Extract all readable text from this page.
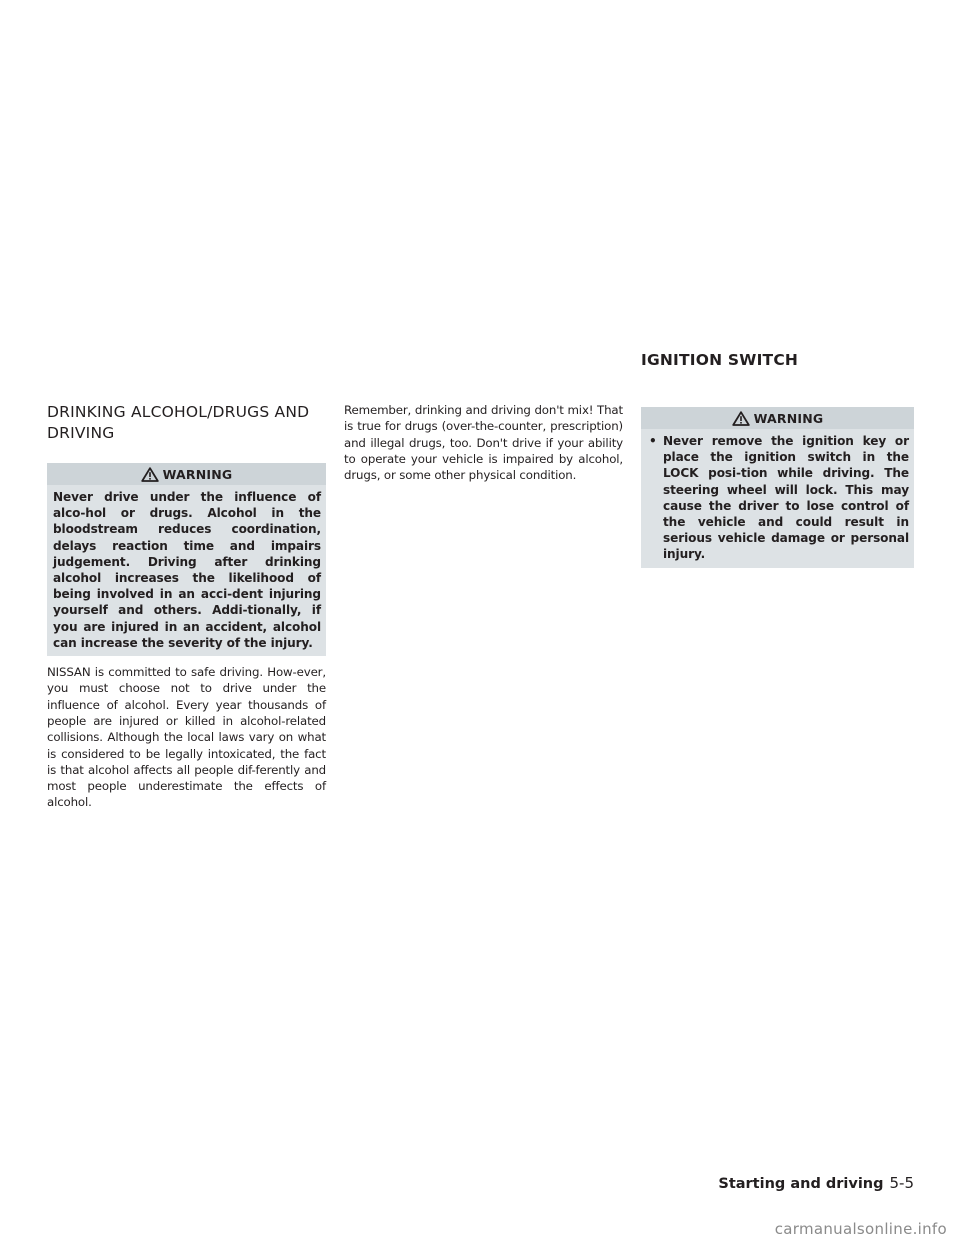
IGNITION SWITCH
DRINKING ALCOHOL/DRUGS AND DRIVING
WARNING

Never drive under the influence of alco-hol or drugs. Alcohol in the bloodstream reduces coordination, delays reaction time and impairs judgement. Driving after drinking alcohol increases the likelihood of being involved in an acci-dent injuring yourself and others. Addi-tionally, if you are injured in an accident, alcohol can increase the severity of the injury.

NISSAN is committed to safe driving. How-ever, you must choose not to drive under the influence of alcohol. Every year thousands of people are injured or killed in alcohol-related collisions. Although the local laws vary on what is considered to be legally intoxicated, the fact is that alcohol affects all people dif-ferently and most people underestimate the effects of alcohol.

Remember, drinking and driving don't mix! That is true for drugs (over-the-counter, prescription) and illegal drugs, too. Don't drive if your ability to operate your vehicle is impaired by alcohol, drugs, or some other physical condition.

WARNING
• Never remove the ignition key or place the ignition switch in the LOCK posi-tion while driving. The steering wheel will lock. This may cause the driver to lose control of the vehicle and could result in serious vehicle damage or personal injury.
Starting and driving 5-5
carmanualsonline.info
